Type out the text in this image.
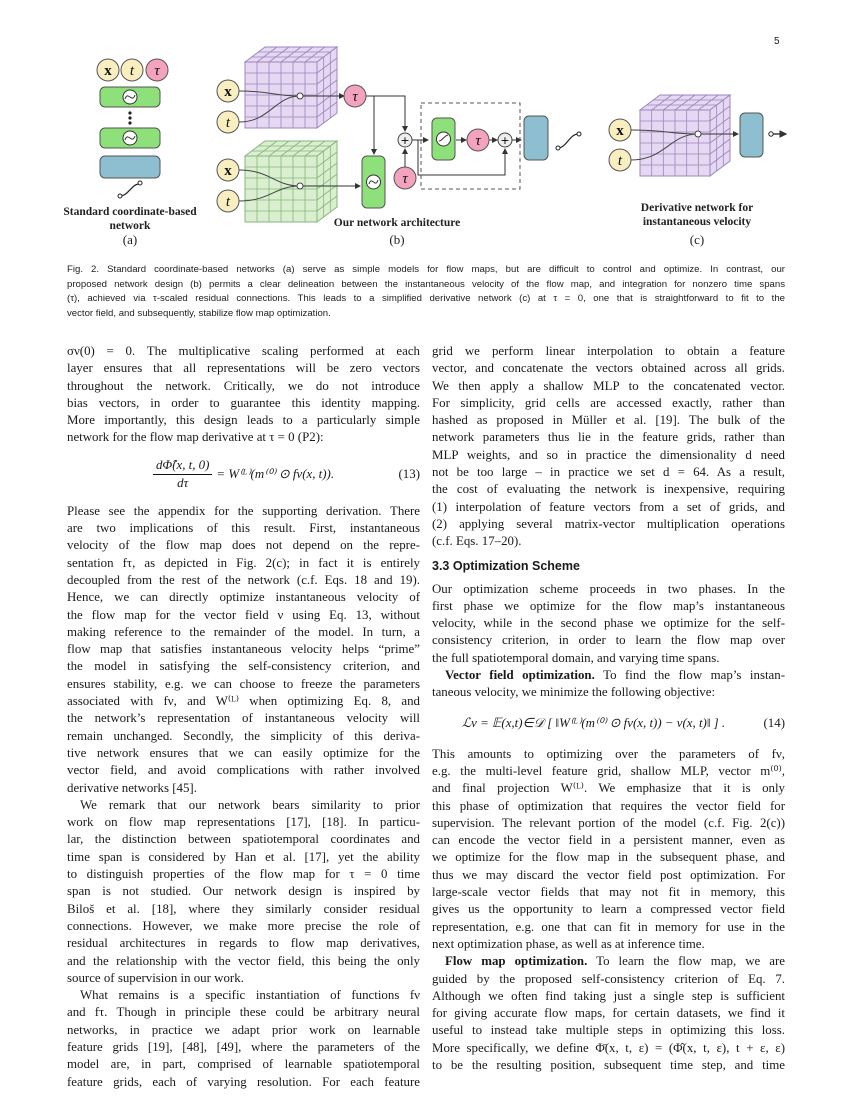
5
x t τ
Standard coordinate-based
network
(a)
x
t
x
t
τ
τ
+	τ +
Our network architecture
(b)
x
t
Derivative network for
instantaneous velocity
(c)
Fig. 2. Standard coordinate-based networks (a) serve as simple models for flow maps, but are difficult to control and optimize. In contrast, our
proposed network design (b) permits a clear delineation between the instantaneous velocity of the flow map, and integration for nonzero time spans
(τ), achieved via τ-scaled residual connections. This leads to a simplified derivative network (c) at τ = 0, one that is straightforward to fit to the
vector field, and subsequently, stabilize flow map optimization.
σν(0) = 0. The multiplicative scaling performed at each
layer ensures that all representations will be zero vectors
throughout the network. Critically, we do not introduce
bias vectors, in order to guarantee this identity mapping.
More importantly, this design leads to a particularly simple
network for the flow map derivative at τ = 0 (P2):
$\frac{d\Phî(x, t, 0)}{d\tau}$ = W⁽ᴸ⁾(m⁽⁰⁾ ⊙ fν(x, t)).	(13)
Please see the appendix for the supporting derivation. There
are two implications of this result. First, instantaneous
velocity of the flow map does not depend on the repre-
sentation fτ, as depicted in Fig. 2(c); in fact it is entirely
decoupled from the rest of the network (c.f. Eqs. 18 and 19).
Hence, we can directly optimize instantaneous velocity of
the flow map for the vector field ν using Eq. 13, without
making reference to the remainder of the model. In turn, a
flow map that satisfies instantaneous velocity helps “prime”
the model in satisfying the self-consistency criterion, and
ensures stability, e.g. we can choose to freeze the parameters
associated with fν, and W⁽ᴸ⁾ when optimizing Eq. 8, and
the network’s representation of instantaneous velocity will
remain unchanged. Secondly, the simplicity of this deriva-
tive network ensures that we can easily optimize for the
vector field, and avoid complications with rather involved
derivative networks [45].
We remark that our network bears similarity to prior
work on flow map representations [17], [18]. In particu-
lar, the distinction between spatiotemporal coordinates and
time span is considered by Han et al. [17], yet the ability
to distinguish properties of the flow map for τ = 0 time
span is not studied. Our network design is inspired by
Biloš et al. [18], where they similarly consider residual
connections. However, we make more precise the role of
residual architectures in regards to flow map derivatives,
and the relationship with the vector field, this being the only
source of supervision in our work.
What remains is a specific instantiation of functions fν
and fτ. Though in principle these could be arbitrary neural
networks, in practice we adapt prior work on learnable
feature grids [19], [48], [49], where the parameters of the
model are, in part, comprised of learnable spatiotemporal
feature grids, each of varying resolution. For each feature
grid we perform linear interpolation to obtain a feature
vector, and concatenate the vectors obtained across all grids.
We then apply a shallow MLP to the concatenated vector.
For simplicity, grid cells are accessed exactly, rather than
hashed as proposed in Müller et al. [19]. The bulk of the
network parameters thus lie in the feature grids, rather than
MLP weights, and so in practice the dimensionality d need
not be too large – in practice we set d = 64. As a result,
the cost of evaluating the network is inexpensive, requiring
(1) interpolation of feature vectors from a set of grids, and
(2) applying several matrix-vector multiplication operations
(c.f. Eqs. 17–20).
3.3 Optimization Scheme
Our optimization scheme proceeds in two phases. In the
first phase we optimize for the flow map’s instantaneous
velocity, while in the second phase we optimize for the self-
consistency criterion, in order to learn the flow map over
the full spatiotemporal domain, and varying time spans.
Vector field optimization. To find the flow map’s instan-
taneous velocity, we minimize the following objective:
ℒν = 𝔼(x,t)∈𝒟 [ ‖W⁽ᴸ⁾(m⁽⁰⁾ ⊙ fν(x, t)) − ν(x, t)‖ ] .	(14)
This amounts to optimizing over the parameters of fν,
e.g. the multi-level feature grid, shallow MLP, vector m⁽⁰⁾,
and final projection W⁽ᴸ⁾. We emphasize that it is only
this phase of optimization that requires the vector field for
supervision. The relevant portion of the model (c.f. Fig. 2(c))
can encode the vector field in a persistent manner, even as
we optimize for the flow map in the subsequent phase, and
thus we may discard the vector field post optimization. For
large-scale vector fields that may not fit in memory, this
gives us the opportunity to learn a compressed vector field
representation, e.g. one that can fit in memory for use in the
next optimization phase, as well as at inference time.
Flow map optimization. To learn the flow map, we are
guided by the proposed self-consistency criterion of Eq. 7.
Although we often find taking just a single step is sufficient
for giving accurate flow maps, for certain datasets, we find it
useful to instead take multiple steps in optimizing this loss.
More specifically, we define Φ̄(x, t, ε) = (Φ̂(x, t, ε), t + ε, ε)
to be the resulting position, subsequent time step, and time
